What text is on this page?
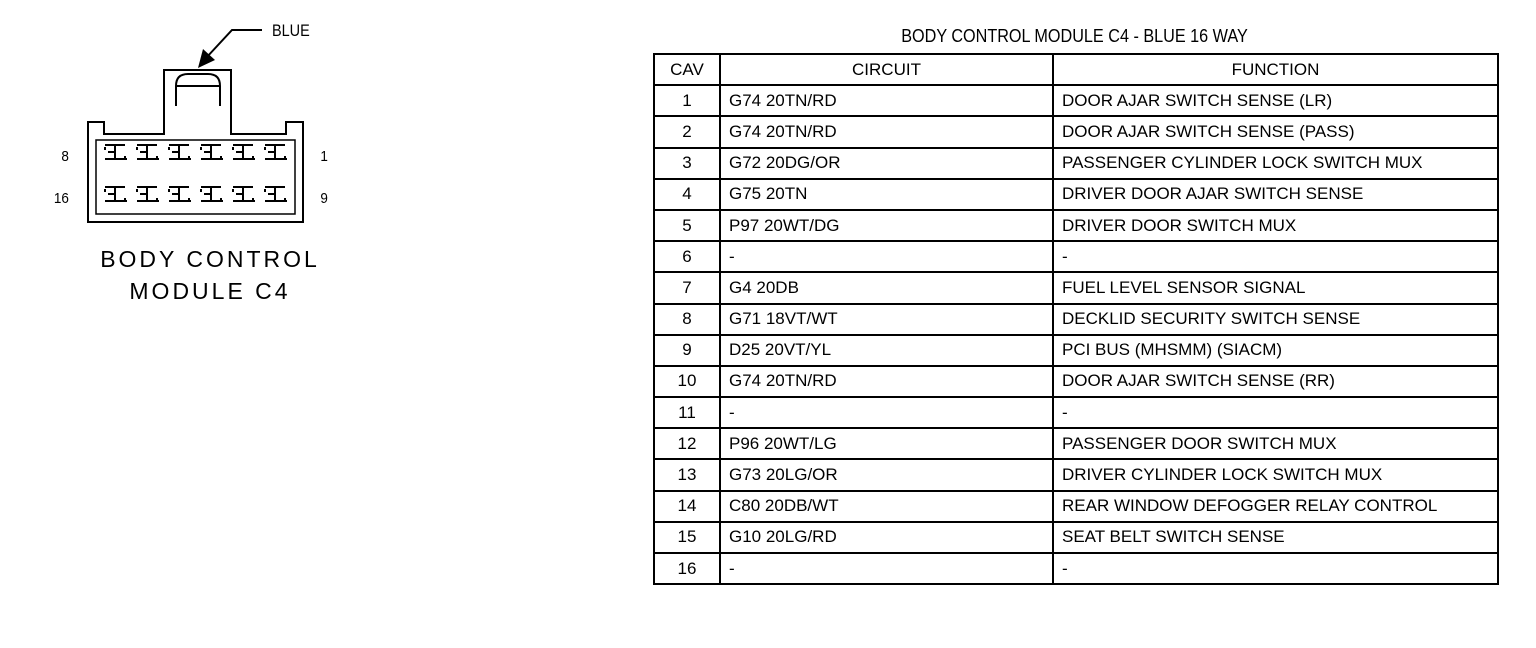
8	1
16	9
BLUE
BODY CONTROL
MODULE C4
BODY CONTROL MODULE C4 - BLUE 16 WAY
CAV	CIRCUIT	FUNCTION
1	G74 20TN/RD	DOOR AJAR SWITCH SENSE (LR)
2	G74 20TN/RD	DOOR AJAR SWITCH SENSE (PASS)
3	G72 20DG/OR	PASSENGER CYLINDER LOCK SWITCH MUX
4	G75 20TN	DRIVER DOOR AJAR SWITCH SENSE
5	P97 20WT/DG	DRIVER DOOR SWITCH MUX
6	-	-
7	G4 20DB	FUEL LEVEL SENSOR SIGNAL
8	G71 18VT/WT	DECKLID SECURITY SWITCH SENSE
9	D25 20VT/YL	PCI BUS (MHSMM) (SIACM)
10	G74 20TN/RD	DOOR AJAR SWITCH SENSE (RR)
11	-	-
12	P96 20WT/LG	PASSENGER DOOR SWITCH MUX
13	G73 20LG/OR	DRIVER CYLINDER LOCK SWITCH MUX
14	C80 20DB/WT	REAR WINDOW DEFOGGER RELAY CONTROL
15	G10 20LG/RD	SEAT BELT SWITCH SENSE
16	-	-
